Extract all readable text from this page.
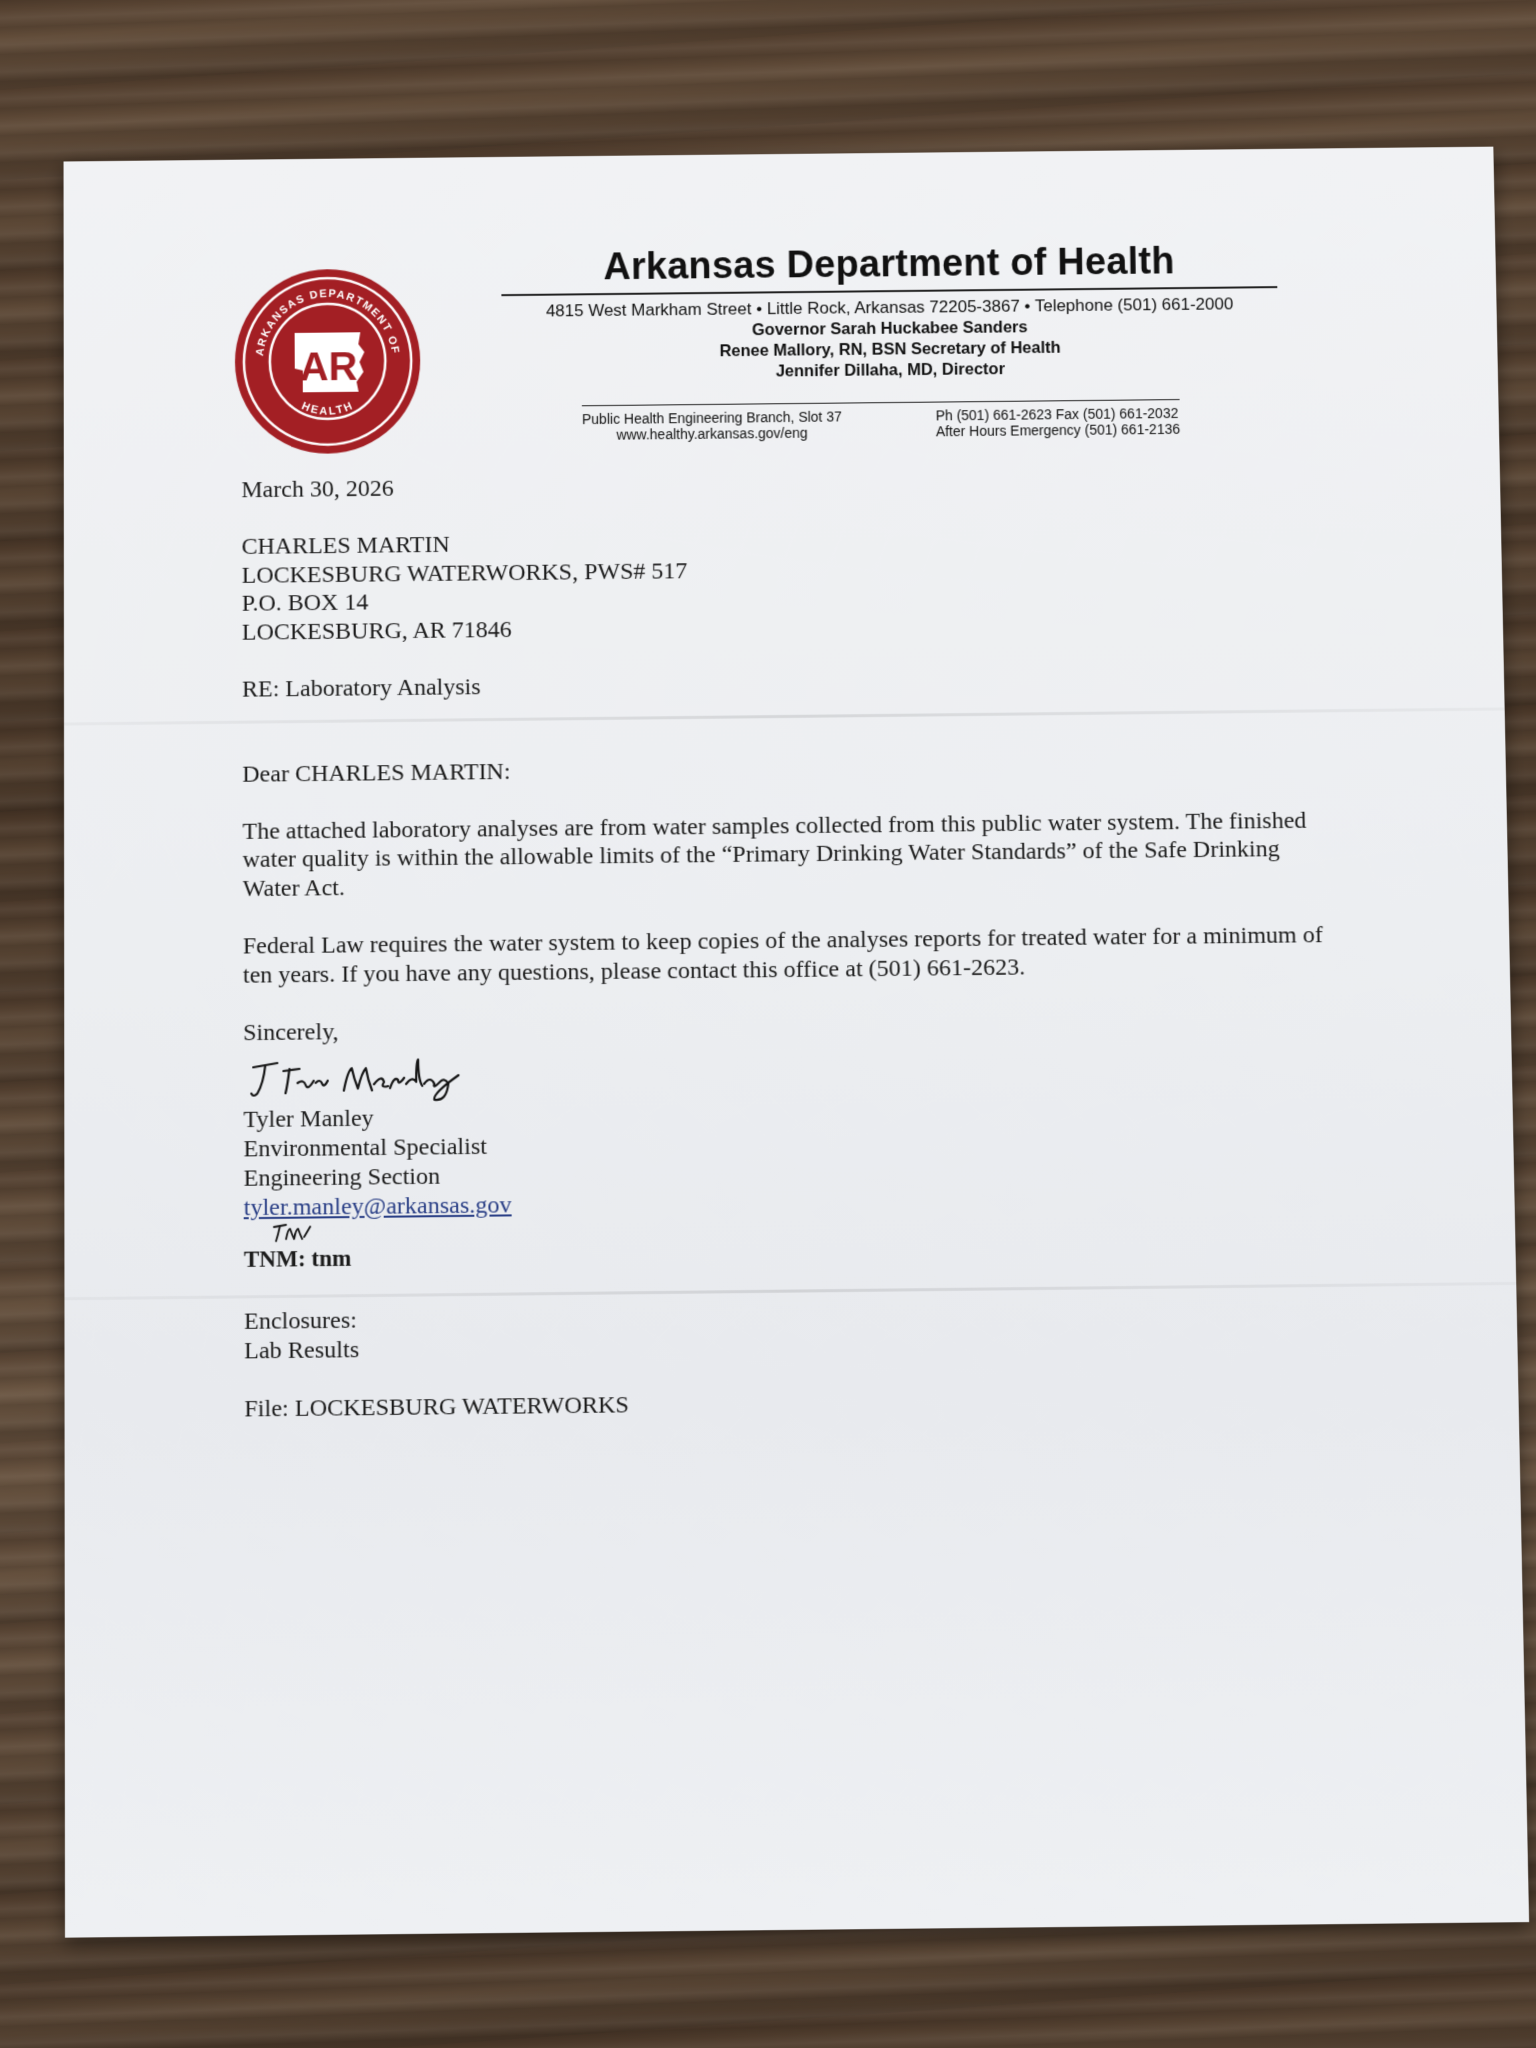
ARKANSAS DEPARTMENT OF
HEALTH
AR
Arkansas Department of Health
4815 West Markham Street • Little Rock, Arkansas 72205-3867 • Telephone (501) 661-2000
Governor Sarah Huckabee Sanders
Renee Mallory, RN, BSN Secretary of Health
Jennifer Dillaha, MD, Director
Public Health Engineering Branch, Slot 37
www.healthy.arkansas.gov/eng
Ph (501) 661-2623 Fax (501) 661-2032
After Hours Emergency (501) 661-2136
March 30, 2026
CHARLES MARTIN
LOCKESBURG WATERWORKS, PWS# 517
P.O. BOX 14
LOCKESBURG, AR 71846
RE: Laboratory Analysis
Dear CHARLES MARTIN:
The attached laboratory analyses are from water samples collected from this public water system. The finished water quality is within the allowable limits of the “Primary Drinking Water Standards” of the Safe Drinking Water Act.
Federal Law requires the water system to keep copies of the analyses reports for treated water for a minimum of ten years. If you have any questions, please contact this office at (501) 661-2623.
Sincerely,
Tyler Manley
Environmental Specialist
Engineering Section
tyler.manley@arkansas.gov
TNM: tnm
Enclosures:
Lab Results
File: LOCKESBURG WATERWORKS
